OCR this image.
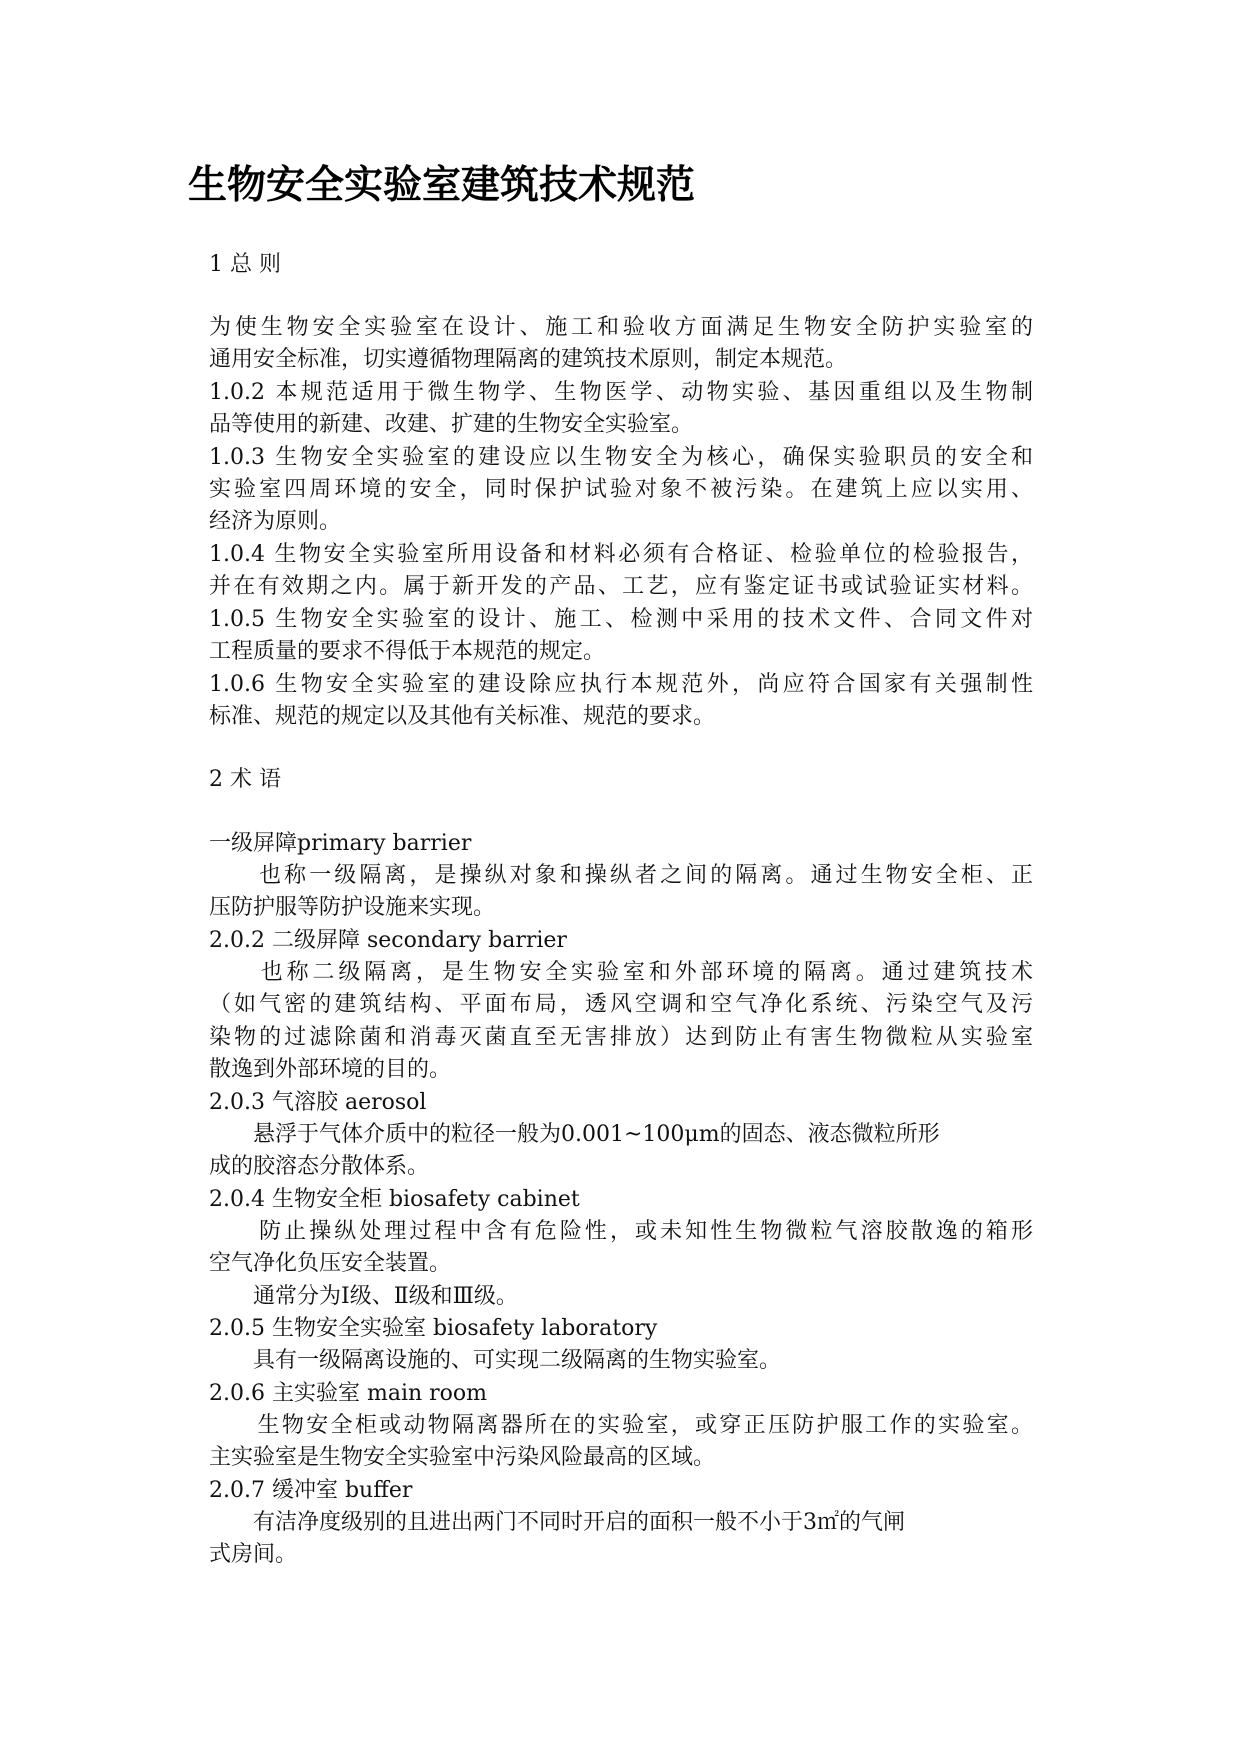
生物安全实验室建筑技术规范
1 总 则
为使生物安全实验室在设计、施工和验收方面满足生物安全防护实验室的
通用安全标准，切实遵循物理隔离的建筑技术原则，制定本规范。
1.0.2 本规范适用于微生物学、生物医学、动物实验、基因重组以及生物制
品等使用的新建、改建、扩建的生物安全实验室。
1.0.3 生物安全实验室的建设应以生物安全为核心，确保实验职员的安全和
实验室四周环境的安全，同时保护试验对象不被污染。在建筑上应以实用、
经济为原则。
1.0.4 生物安全实验室所用设备和材料必须有合格证、检验单位的检验报告，
并在有效期之内。属于新开发的产品、工艺，应有鉴定证书或试验证实材料。
1.0.5 生物安全实验室的设计、施工、检测中采用的技术文件、合同文件对
工程质量的要求不得低于本规范的规定。
1.0.6 生物安全实验室的建设除应执行本规范外，尚应符合国家有关强制性
标准、规范的规定以及其他有关标准、规范的要求。
2 术 语
一级屏障primary barrier
　　也称一级隔离，是操纵对象和操纵者之间的隔离。通过生物安全柜、正
压防护服等防护设施来实现。
2.0.2 二级屏障 secondary barrier
　　也称二级隔离，是生物安全实验室和外部环境的隔离。通过建筑技术
（如气密的建筑结构、平面布局，透风空调和空气净化系统、污染空气及污
染物的过滤除菌和消毒灭菌直至无害排放）达到防止有害生物微粒从实验室
散逸到外部环境的目的。
2.0.3 气溶胶 aerosol
　　悬浮于气体介质中的粒径一般为0.001~100μm的固态、液态微粒所形
成的胶溶态分散体系。
2.0.4 生物安全柜 biosafety cabinet
　　防止操纵处理过程中含有危险性，或未知性生物微粒气溶胶散逸的箱形
空气净化负压安全装置。
　　通常分为Ⅰ级、Ⅱ级和Ⅲ级。
2.0.5 生物安全实验室 biosafety laboratory
　　具有一级隔离设施的、可实现二级隔离的生物实验室。
2.0.6 主实验室 main room
　　生物安全柜或动物隔离器所在的实验室，或穿正压防护服工作的实验室。
主实验室是生物安全实验室中污染风险最高的区域。
2.0.7 缓冲室 buffer
　　有洁净度级别的且进出两门不同时开启的面积一般不小于3㎡的气闸
式房间。
